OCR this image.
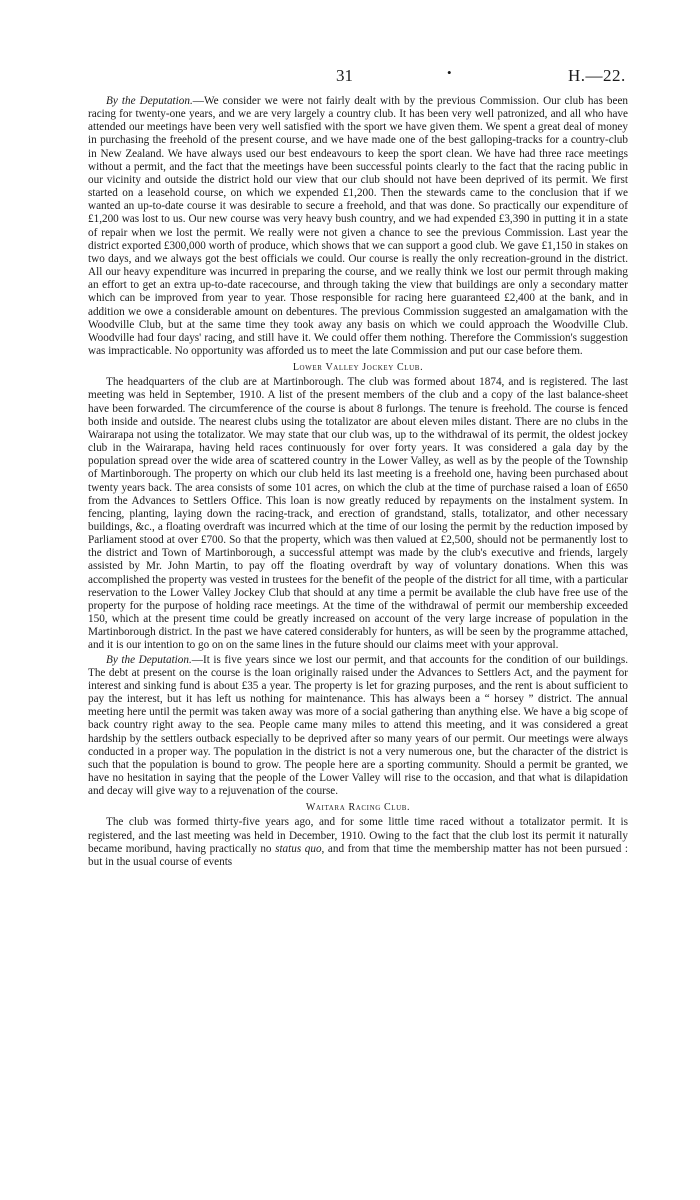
31	•	H.—22.

By the Deputation.—We consider we were not fairly dealt with by the previous Commission. Our club has been racing for twenty-one years, and we are very largely a country club. It has been very well patronized, and all who have attended our meetings have been very well satisfied with the sport we have given them. We spent a great deal of money in purchasing the freehold of the present course, and we have made one of the best galloping-tracks for a country-club in New Zealand. We have always used our best endeavours to keep the sport clean. We have had three race meetings without a permit, and the fact that the meetings have been successful points clearly to the fact that the racing public in our vicinity and outside the district hold our view that our club should not have been deprived of its permit. We first started on a leasehold course, on which we expended £1,200. Then the stewards came to the conclusion that if we wanted an up-to-date course it was desirable to secure a freehold, and that was done. So practically our expenditure of £1,200 was lost to us. Our new course was very heavy bush country, and we had expended £3,390 in putting it in a state of repair when we lost the permit. We really were not given a chance to see the previous Commission. Last year the district exported £300,000 worth of produce, which shows that we can support a good club. We gave £1,150 in stakes on two days, and we always got the best officials we could. Our course is really the only recreation-ground in the district. All our heavy expenditure was incurred in preparing the course, and we really think we lost our permit through making an effort to get an extra up-to-date racecourse, and through taking the view that buildings are only a secondary matter which can be improved from year to year. Those responsible for racing here guaranteed £2,400 at the bank, and in addition we owe a considerable amount on debentures. The previous Commission suggested an amalgamation with the Woodville Club, but at the same time they took away any basis on which we could approach the Woodville Club. Woodville had four days' racing, and still have it. We could offer them nothing. Therefore the Commission's suggestion was impracticable. No opportunity was afforded us to meet the late Commission and put our case before them.

Lower Valley Jockey Club.

The headquarters of the club are at Martinborough. The club was formed about 1874, and is registered. The last meeting was held in September, 1910. A list of the present members of the club and a copy of the last balance-sheet have been forwarded. The circumference of the course is about 8 furlongs. The tenure is freehold. The course is fenced both inside and outside. The nearest clubs using the totalizator are about eleven miles distant. There are no clubs in the Wairarapa not using the totalizator. We may state that our club was, up to the withdrawal of its permit, the oldest jockey club in the Wairarapa, having held races continuously for over forty years. It was considered a gala day by the population spread over the wide area of scattered country in the Lower Valley, as well as by the people of the Township of Martinborough. The property on which our club held its last meeting is a freehold one, having been purchased about twenty years back. The area consists of some 101 acres, on which the club at the time of purchase raised a loan of £650 from the Advances to Settlers Office. This loan is now greatly reduced by repayments on the instalment system. In fencing, planting, laying down the racing-track, and erection of grandstand, stalls, totalizator, and other necessary buildings, &c., a floating overdraft was incurred which at the time of our losing the permit by the reduction imposed by Parliament stood at over £700. So that the property, which was then valued at £2,500, should not be permanently lost to the district and Town of Martinborough, a successful attempt was made by the club's executive and friends, largely assisted by Mr. John Martin, to pay off the floating overdraft by way of voluntary donations. When this was accomplished the property was vested in trustees for the benefit of the people of the district for all time, with a particular reservation to the Lower Valley Jockey Club that should at any time a permit be available the club have free use of the property for the purpose of holding race meetings. At the time of the withdrawal of permit our membership exceeded 150, which at the present time could be greatly increased on account of the very large increase of population in the Martinborough district. In the past we have catered considerably for hunters, as will be seen by the programme attached, and it is our intention to go on on the same lines in the future should our claims meet with your approval.

By the Deputation.—It is five years since we lost our permit, and that accounts for the condition of our buildings. The debt at present on the course is the loan originally raised under the Advances to Settlers Act, and the payment for interest and sinking fund is about £35 a year. The property is let for grazing purposes, and the rent is about sufficient to pay the interest, but it has left us nothing for maintenance. This has always been a “ horsey ” district. The annual meeting here until the permit was taken away was more of a social gathering than anything else. We have a big scope of back country right away to the sea. People came many miles to attend this meeting, and it was considered a great hardship by the settlers outback especially to be deprived after so many years of our permit. Our meetings were always conducted in a proper way. The population in the district is not a very numerous one, but the character of the district is such that the population is bound to grow. The people here are a sporting community. Should a permit be granted, we have no hesitation in saying that the people of the Lower Valley will rise to the occasion, and that what is dilapidation and decay will give way to a rejuvenation of the course.

Waitara Racing Club.

The club was formed thirty-five years ago, and for some little time raced without a totalizator permit. It is registered, and the last meeting was held in December, 1910. Owing to the fact that the club lost its permit it naturally became moribund, having practically no status quo, and from that time the membership matter has not been pursued : but in the usual course of events
